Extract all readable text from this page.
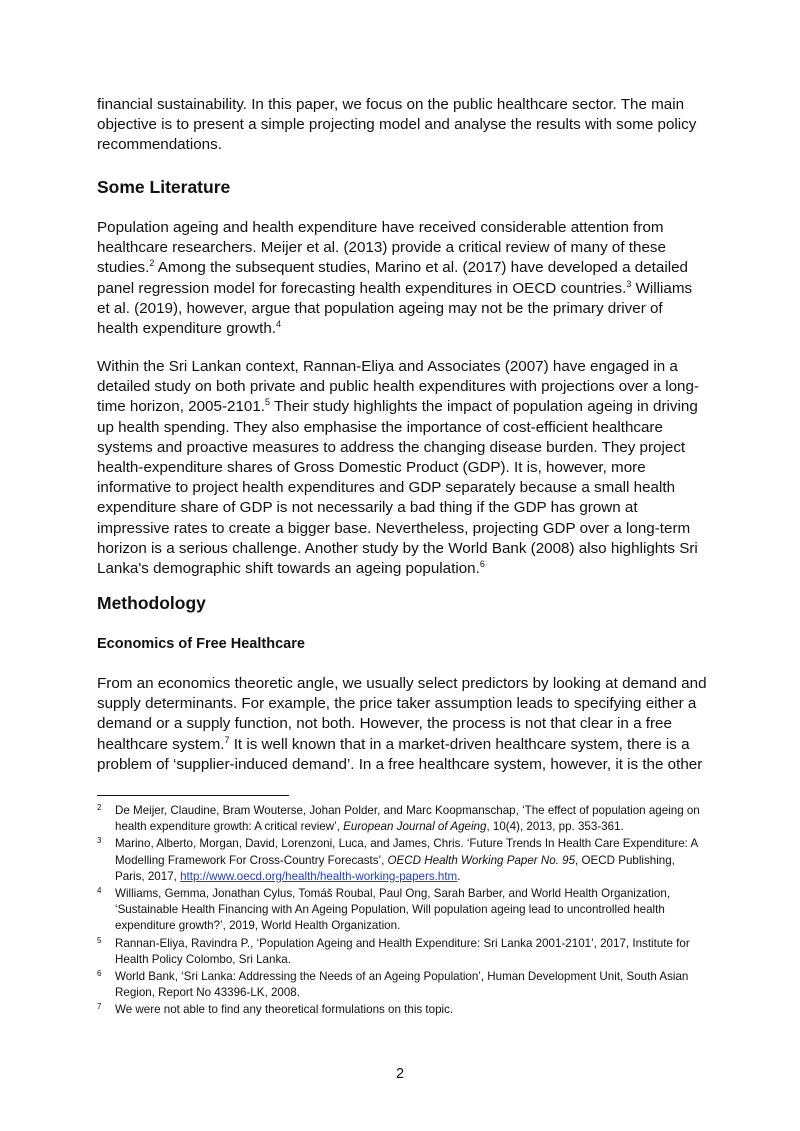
financial sustainability. In this paper, we focus on the public healthcare sector. The main objective is to present a simple projecting model and analyse the results with some policy recommendations.

Some Literature

Population ageing and health expenditure have received considerable attention from healthcare researchers. Meijer et al. (2013) provide a critical review of many of these studies.$^2$ Among the subsequent studies, Marino et al. (2017) have developed a detailed panel regression model for forecasting health expenditures in OECD countries.$^3$ Williams et al. (2019), however, argue that population ageing may not be the primary driver of health expenditure growth.$^4$

Within the Sri Lankan context, Rannan-Eliya and Associates (2007) have engaged in a detailed study on both private and public health expenditures with projections over a long-time horizon, 2005-2101.$^5$ Their study highlights the impact of population ageing in driving up health spending. They also emphasise the importance of cost-efficient healthcare systems and proactive measures to address the changing disease burden. They project health-expenditure shares of Gross Domestic Product (GDP). It is, however, more informative to project health expenditures and GDP separately because a small health expenditure share of GDP is not necessarily a bad thing if the GDP has grown at impressive rates to create a bigger base. Nevertheless, projecting GDP over a long-term horizon is a serious challenge. Another study by the World Bank (2008) also highlights Sri Lanka's demographic shift towards an ageing population.$^6$

Methodology
Economics of Free Healthcare

From an economics theoretic angle, we usually select predictors by looking at demand and supply determinants. For example, the price taker assumption leads to specifying either a demand or a supply function, not both. However, the process is not that clear in a free healthcare system.$^7$ It is well known that in a market-driven healthcare system, there is a problem of ‘supplier-induced demand’. In a free healthcare system, however, it is the other

2 De Meijer, Claudine, Bram Wouterse, Johan Polder, and Marc Koopmanschap, ‘The effect of population ageing on health expenditure growth: A critical review’, European Journal of Ageing, 10(4), 2013, pp. 353-361.

3 Marino, Alberto, Morgan, David, Lorenzoni, Luca, and James, Chris. ‘Future Trends In Health Care Expenditure: A Modelling Framework For Cross-Country Forecasts’, OECD Health Working Paper No. 95, OECD Publishing, Paris, 2017, http://www.oecd.org/health/health-working-papers.htm.

4 Williams, Gemma, Jonathan Cylus, Tomáš Roubal, Paul Ong, Sarah Barber, and World Health Organization, ‘Sustainable Health Financing with An Ageing Population, Will population ageing lead to uncontrolled health expenditure growth?’, 2019, World Health Organization.

5 Rannan-Eliya, Ravindra P., ‘Population Ageing and Health Expenditure: Sri Lanka 2001-2101’, 2017, Institute for Health Policy Colombo, Sri Lanka.

6 World Bank, ‘Sri Lanka: Addressing the Needs of an Ageing Population’, Human Development Unit, South Asian Region, Report No 43396-LK, 2008.

7 We were not able to find any theoretical formulations on this topic.

2
